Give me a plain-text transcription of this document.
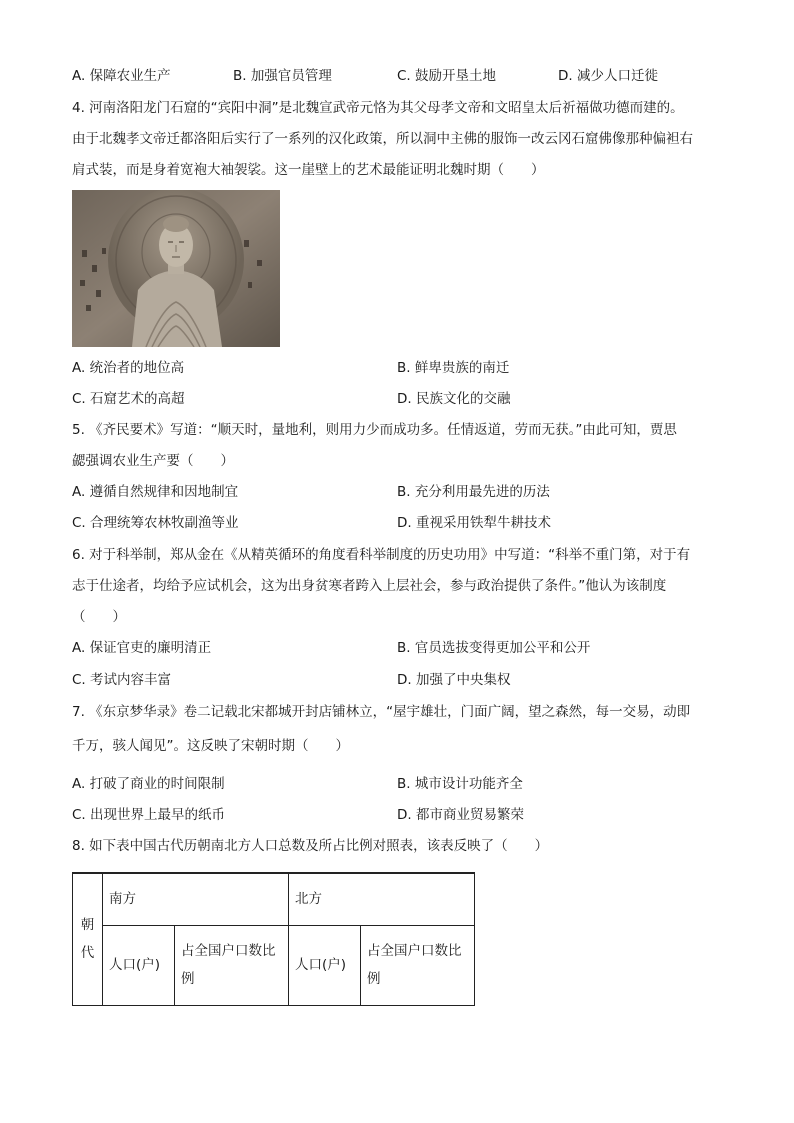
A. 保障农业生产	B. 加强官员管理	C. 鼓励开垦土地	D. 减少人口迁徙
4. 河南洛阳龙门石窟的“宾阳中洞”是北魏宣武帝元恪为其父母孝文帝和文昭皇太后祈福做功德而建的。
由于北魏孝文帝迁都洛阳后实行了一系列的汉化政策，所以洞中主佛的服饰一改云冈石窟佛像那种偏袒右
肩式装，而是身着宽袍大袖袈裟。这一崖壁上的艺术最能证明北魏时期（　　）
A. 统治者的地位高	B. 鲜卑贵族的南迁
C. 石窟艺术的高超	D. 民族文化的交融
5. 《齐民要术》写道：“顺天时，量地利，则用力少而成功多。任情返道，劳而无获。”由此可知，贾思
勰强调农业生产要（　　）
A. 遵循自然规律和因地制宜	B. 充分利用最先进的历法
C. 合理统筹农林牧副渔等业	D. 重视采用铁犁牛耕技术
6. 对于科举制，郑从金在《从精英循环的角度看科举制度的历史功用》中写道：“科举不重门第，对于有
志于仕途者，均给予应试机会，这为出身贫寒者跨入上层社会，参与政治提供了条件。”他认为该制度
（　　）
A. 保证官吏的廉明清正	B. 官员选拔变得更加公平和公开
C. 考试内容丰富	D. 加强了中央集权
7. 《东京梦华录》卷二记载北宋都城开封店铺林立，“屋宇雄壮，门面广阔，望之森然，每一交易，动即
千万，骇人闻见”。这反映了宋朝时期（　　）
A. 打破了商业的时间限制	B. 城市设计功能齐全
C. 出现世界上最早的纸币	D. 都市商业贸易繁荣
8. 如下表中国古代历朝南北方人口总数及所占比例对照表，该表反映了（　　）
朝代	南方		北方	
	人口(户)	占全国户口数比例	人口(户)	占全国户口数比例
